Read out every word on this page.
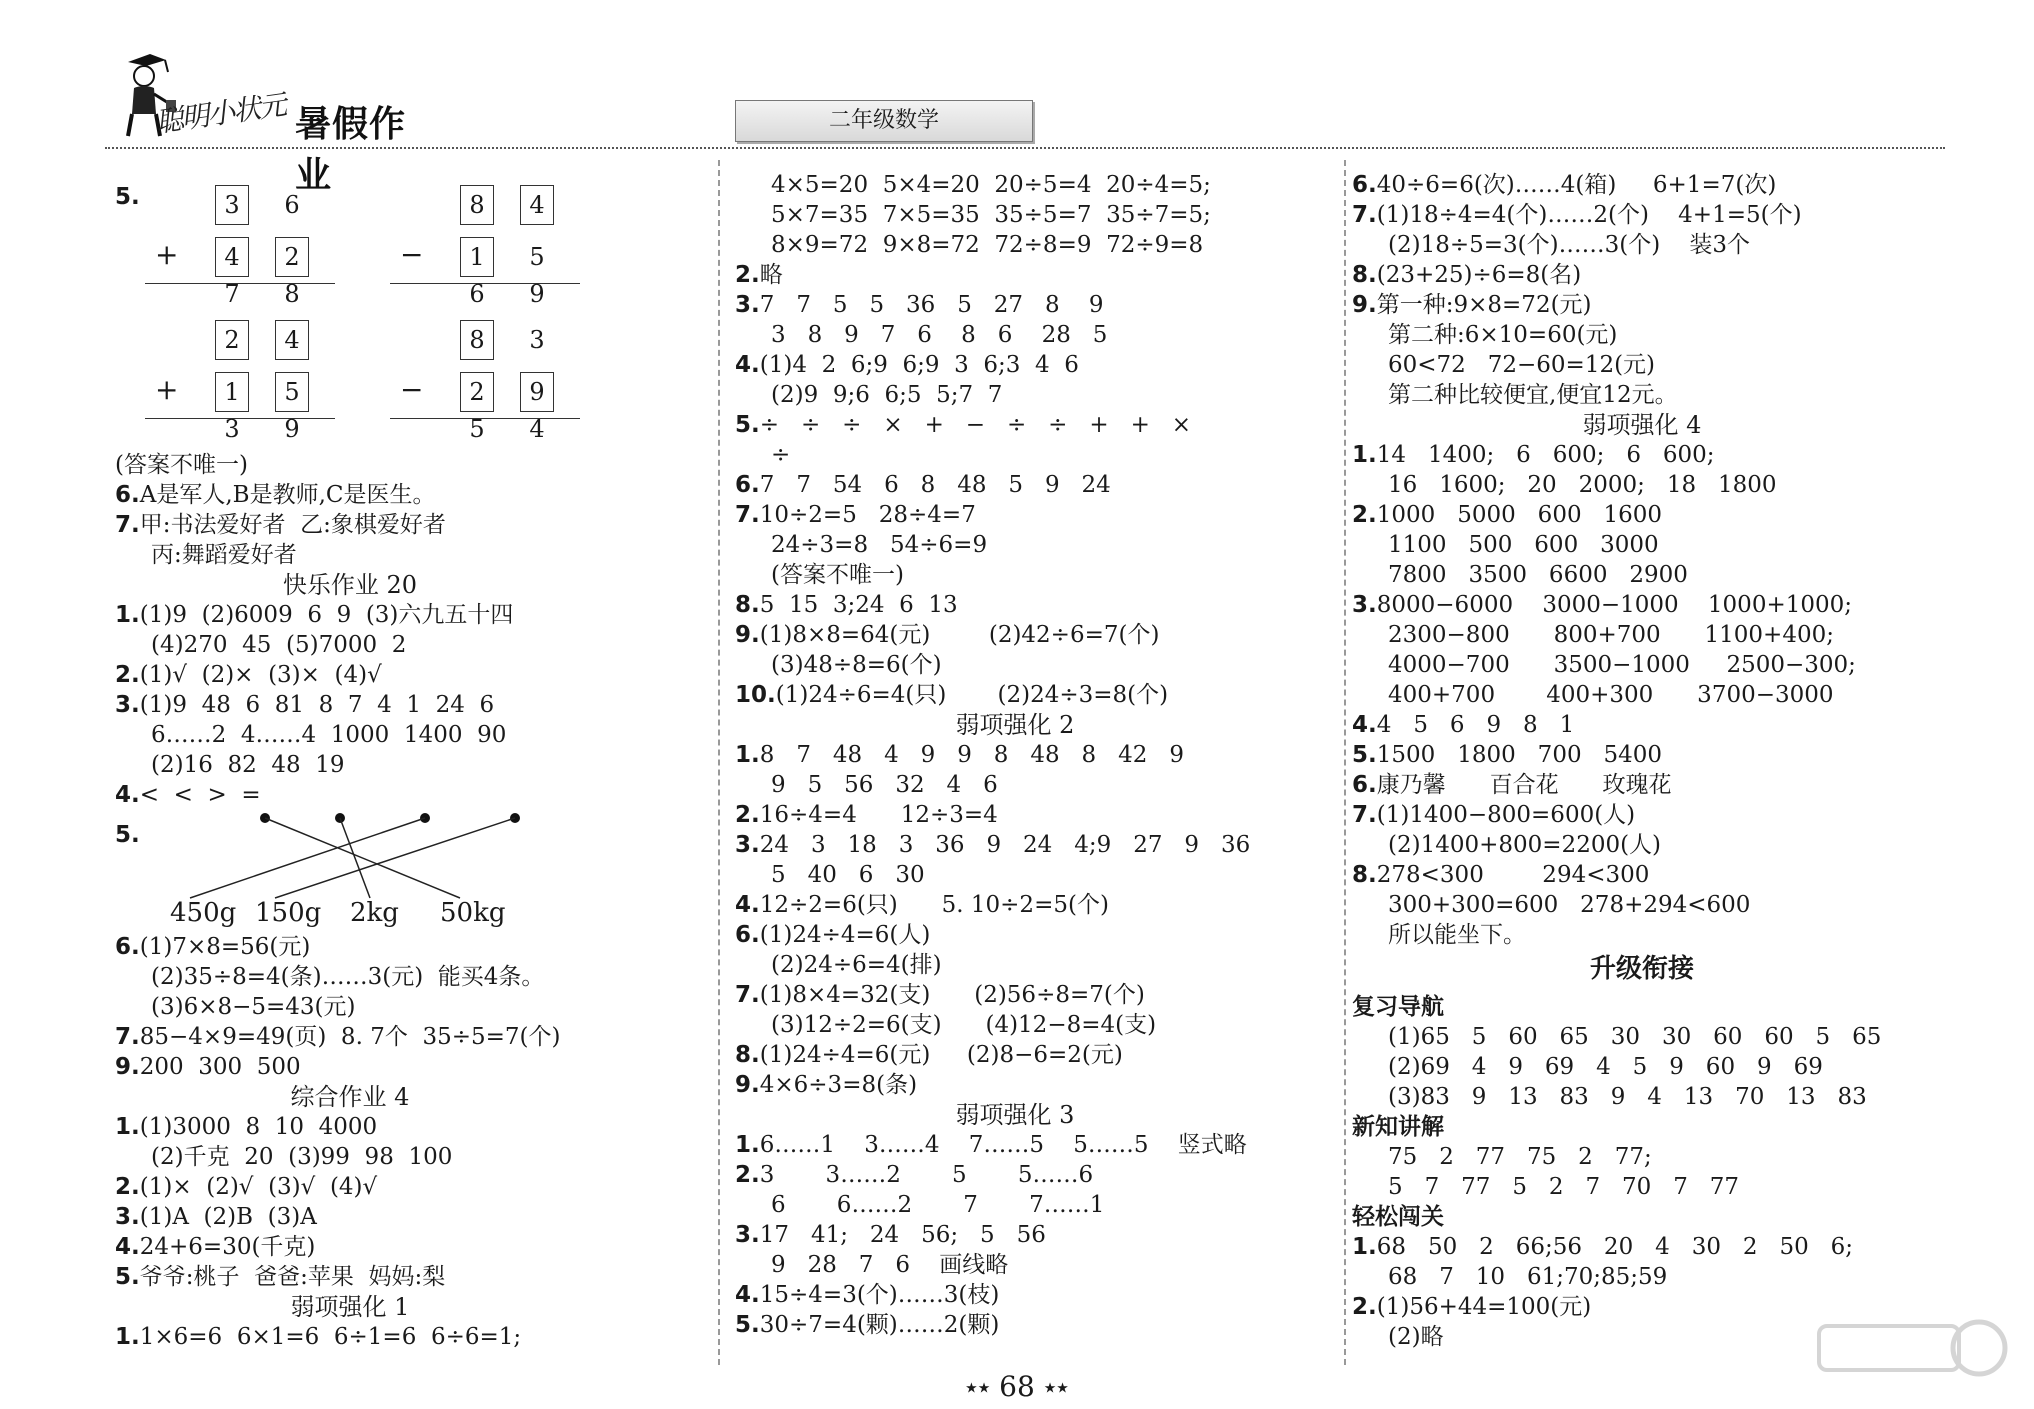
聪明小状元 暑假作业
二年级数学
5.	3	6
4	2
+
7	8
8	4
1	5
−
6	9
2	4
1	5
+
3	9
8	3
2	9
−
5	4
(答案不唯一)
6.A是军人,B是教师,C是医生。
7.甲:书法爱好者  乙:象棋爱好者
丙:舞蹈爱好者
快乐作业 20
1.(1)9  (2)6009  6  9  (3)六九五十四
(4)270  45  (5)7000  2
2.(1)√  (2)×  (3)×  (4)√
3.(1)9  48  6  81  8  7  4  1  24  6
6……2  4……4  1000  1400  90
(2)16  82  48  19
4.<  <  >  =
5.
450g 150g 2kg 50kg
6.(1)7×8=56(元)
(2)35÷8=4(条)……3(元)  能买4条。
(3)6×8−5=43(元)
7.85−4×9=49(页)  8. 7个  35÷5=7(个)
9.200  300  500
综合作业 4
1.(1)3000  8  10  4000
(2)千克  20  (3)99  98  100
2.(1)×  (2)√  (3)√  (4)√
3.(1)A  (2)B  (3)A
4.24+6=30(千克)
5.爷爷:桃子  爸爸:苹果  妈妈:梨
弱项强化 1
1.1×6=6  6×1=6  6÷1=6  6÷6=1;
4×5=20  5×4=20  20÷5=4  20÷4=5;
5×7=35  7×5=35  35÷5=7  35÷7=5;
8×9=72  9×8=72  72÷8=9  72÷9=8
2.略
3.7   7   5   5   36   5   27   8    9
3   8   9   7   6    8   6    28   5
4.(1)4  2  6;9  6;9  3  6;3  4  6
(2)9  9;6  6;5  5;7  7
5.÷   ÷   ÷   ×   +   −   ÷   ÷   +   +   ×
÷
6.7   7   54   6   8   48   5   9   24
7.10÷2=5   28÷4=7
24÷3=8   54÷6=9
(答案不唯一)
8.5  15  3;24  6  13
9.(1)8×8=64(元)        (2)42÷6=7(个)
(3)48÷8=6(个)
10.(1)24÷6=4(只)       (2)24÷3=8(个)
弱项强化 2
1.8   7   48   4   9   9   8   48   8   42   9
9   5   56   32   4   6
2.16÷4=4      12÷3=4
3.24   3   18   3   36   9   24   4;9   27   9   36
5   40   6   30
4.12÷2=6(只)      5. 10÷2=5(个)
6.(1)24÷4=6(人)
(2)24÷6=4(排)
7.(1)8×4=32(支)      (2)56÷8=7(个)
(3)12÷2=6(支)      (4)12−8=4(支)
8.(1)24÷4=6(元)     (2)8−6=2(元)
9.4×6÷3=8(条)
弱项强化 3
1.6……1    3……4    7……5    5……5    竖式略
2.3       3……2       5       5……6
6       6……2       7       7……1
3.17   41;   24   56;   5   56
9   28   7   6    画线略
4.15÷4=3(个)……3(枝)
5.30÷7=4(颗)……2(颗)
6.40÷6=6(次)……4(箱)     6+1=7(次)
7.(1)18÷4=4(个)……2(个)    4+1=5(个)
(2)18÷5=3(个)……3(个)    装3个
8.(23+25)÷6=8(名)
9.第一种:9×8=72(元)
第二种:6×10=60(元)
60<72   72−60=12(元)
第二种比较便宜,便宜12元。
弱项强化 4
1.14   1400;   6   600;   6   600;
16   1600;   20   2000;   18   1800
2.1000   5000   600   1600
1100   500   600   3000
7800   3500   6600   2900
3.8000−6000    3000−1000    1000+1000;
2300−800      800+700      1100+400;
4000−700      3500−1000     2500−300;
400+700       400+300      3700−3000
4.4   5   6   9   8   1
5.1500   1800   700   5400
6.康乃馨      百合花      玫瑰花
7.(1)1400−800=600(人)
(2)1400+800=2200(人)
8.278<300        294<300
300+300=600   278+294<600
所以能坐下。
升级衔接
复习导航
(1)65   5   60   65   30   30   60   60   5   65
(2)69   4   9   69   4   5   9   60   9   69
(3)83   9   13   83   9   4   13   70   13   83
新知讲解
75   2   77   75   2   77;
5   7   77   5   2   7   70   7   77
轻松闯关
1.68   50   2   66;56   20   4   30   2   50   6;
68   7   10   61;70;85;59
2.(1)56+44=100(元)
(2)略
★★ 68 ★★
